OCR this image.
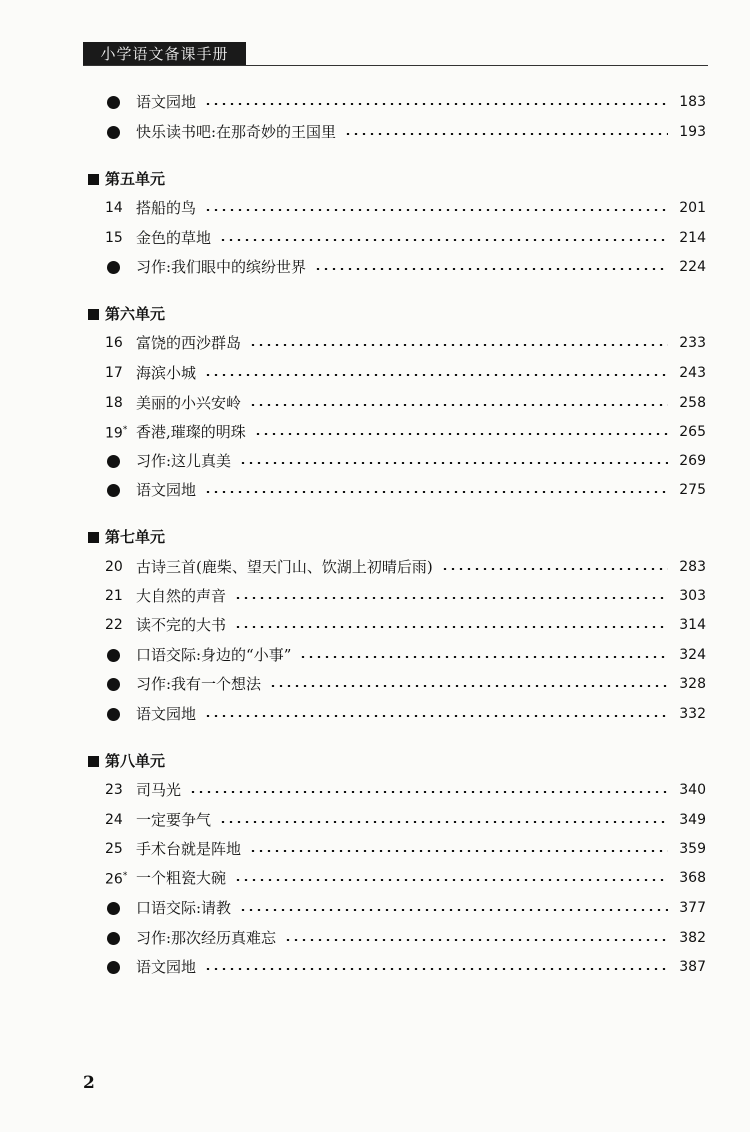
小学语文备课手册
语文园地	183
快乐读书吧:在那奇妙的王国里	193
第五单元
14 搭船的鸟	201
15 金色的草地	214
习作:我们眼中的缤纷世界	224
第六单元
16 富饶的西沙群岛	233
17 海滨小城	243
18 美丽的小兴安岭	258
19* 香港,璀璨的明珠	265
习作:这儿真美	269
语文园地	275
第七单元
20 古诗三首(鹿柴、望天门山、饮湖上初晴后雨)	283
21 大自然的声音	303
22 读不完的大书	314
口语交际:身边的“小事”	324
习作:我有一个想法	328
语文园地	332
第八单元
23 司马光	340
24 一定要争气	349
25 手术台就是阵地	359
26* 一个粗瓷大碗	368
口语交际:请教	377
习作:那次经历真难忘	382
语文园地	387
2
